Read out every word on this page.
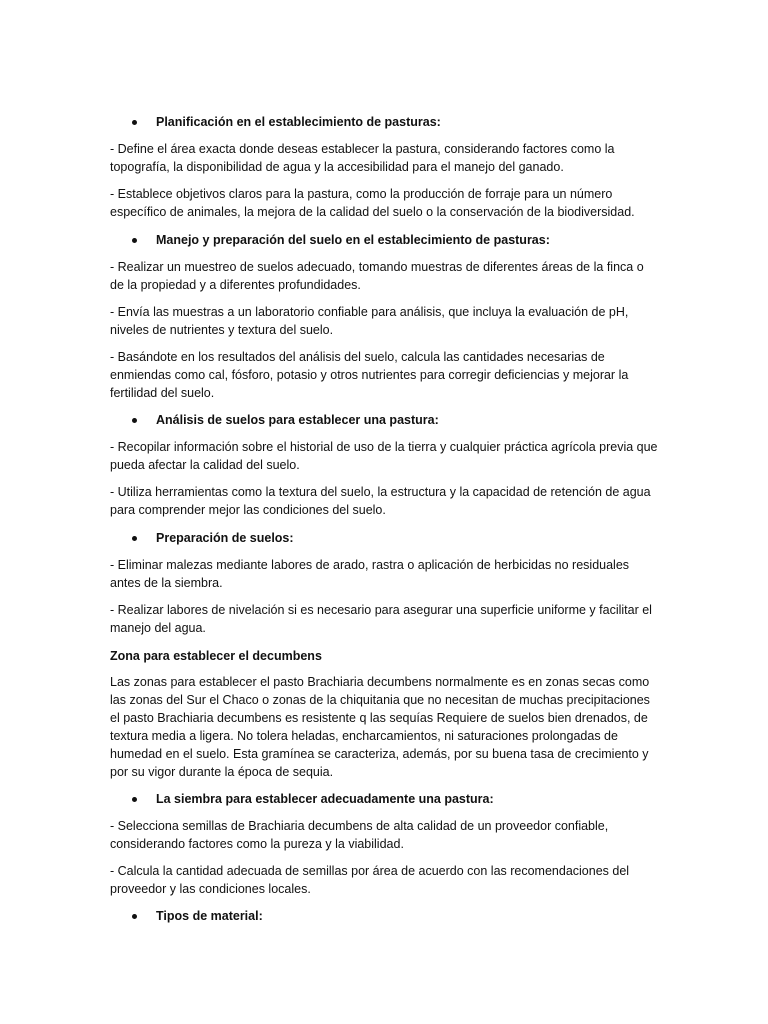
Planificación en el establecimiento de pasturas:

- Define el área exacta donde deseas establecer la pastura, considerando factores como la topografía, la disponibilidad de agua y la accesibilidad para el manejo del ganado.

- Establece objetivos claros para la pastura, como la producción de forraje para un número específico de animales, la mejora de la calidad del suelo o la conservación de la biodiversidad.

Manejo y preparación del suelo en el establecimiento de pasturas:

- Realizar un muestreo de suelos adecuado, tomando muestras de diferentes áreas de la finca o de la propiedad y a diferentes profundidades.

- Envía las muestras a un laboratorio confiable para análisis, que incluya la evaluación de pH, niveles de nutrientes y textura del suelo.

- Basándote en los resultados del análisis del suelo, calcula las cantidades necesarias de enmiendas como cal, fósforo, potasio y otros nutrientes para corregir deficiencias y mejorar la fertilidad del suelo.

Análisis de suelos para establecer una pastura:

- Recopilar información sobre el historial de uso de la tierra y cualquier práctica agrícola previa que pueda afectar la calidad del suelo.

- Utiliza herramientas como la textura del suelo, la estructura y la capacidad de retención de agua para comprender mejor las condiciones del suelo.

Preparación de suelos:

- Eliminar malezas mediante labores de arado, rastra o aplicación de herbicidas no residuales antes de la siembra.

- Realizar labores de nivelación si es necesario para asegurar una superficie uniforme y facilitar el manejo del agua.

Zona para establecer el decumbens

Las zonas para establecer el pasto Brachiaria decumbens normalmente es en zonas secas como las zonas del Sur el Chaco o zonas de la chiquitania que no necesitan de muchas precipitaciones el pasto Brachiaria decumbens es resistente q las sequías Requiere de suelos bien drenados, de textura media a ligera. No tolera heladas, encharcamientos, ni saturaciones prolongadas de humedad en el suelo. Esta gramínea se caracteriza, además, por su buena tasa de crecimiento y por su vigor durante la época de sequia.

La siembra para establecer adecuadamente una pastura:

- Selecciona semillas de Brachiaria decumbens de alta calidad de un proveedor confiable, considerando factores como la pureza y la viabilidad.

- Calcula la cantidad adecuada de semillas por área de acuerdo con las recomendaciones del proveedor y las condiciones locales.

Tipos de material:
